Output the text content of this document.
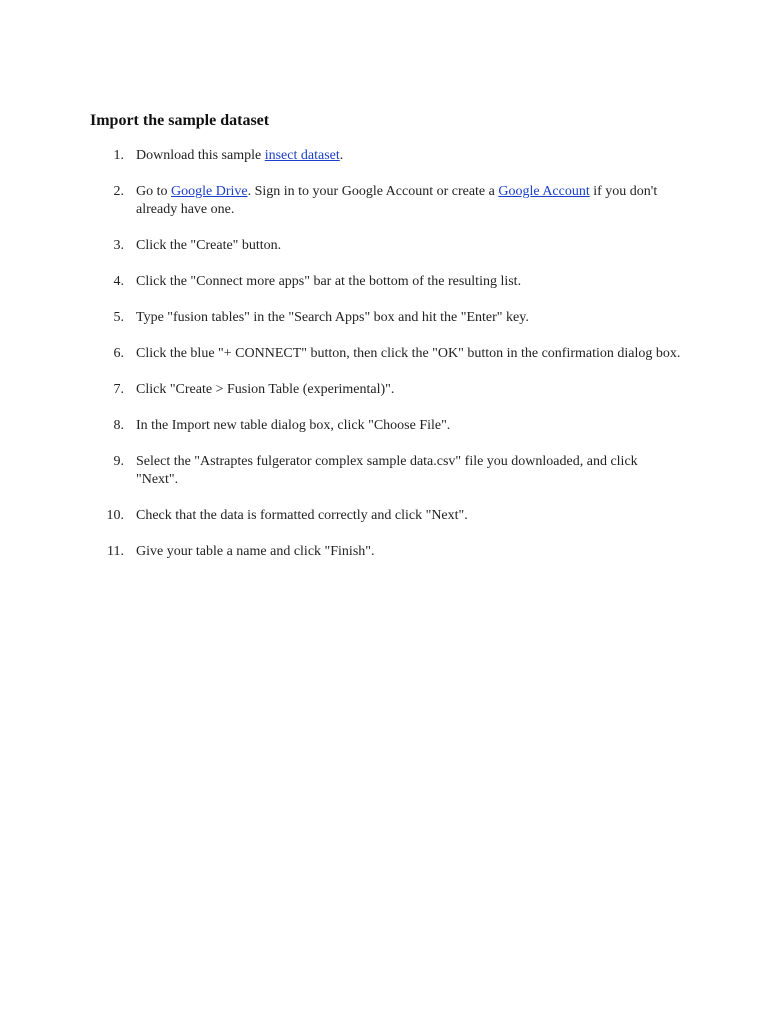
Import the sample dataset
1. Download this sample insect dataset.
2. Go to Google Drive. Sign in to your Google Account or create a Google Account if you don't already have one.
3. Click the "Create" button.
4. Click the "Connect more apps" bar at the bottom of the resulting list.
5. Type "fusion tables" in the "Search Apps" box and hit the "Enter" key.
6. Click the blue "+ CONNECT" button, then click the "OK" button in the confirmation dialog box.
7. Click "Create > Fusion Table (experimental)".
8. In the Import new table dialog box, click "Choose File".
9. Select the "Astraptes fulgerator complex sample data.csv" file you downloaded, and click "Next".
10. Check that the data is formatted correctly and click "Next".
11. Give your table a name and click "Finish".
